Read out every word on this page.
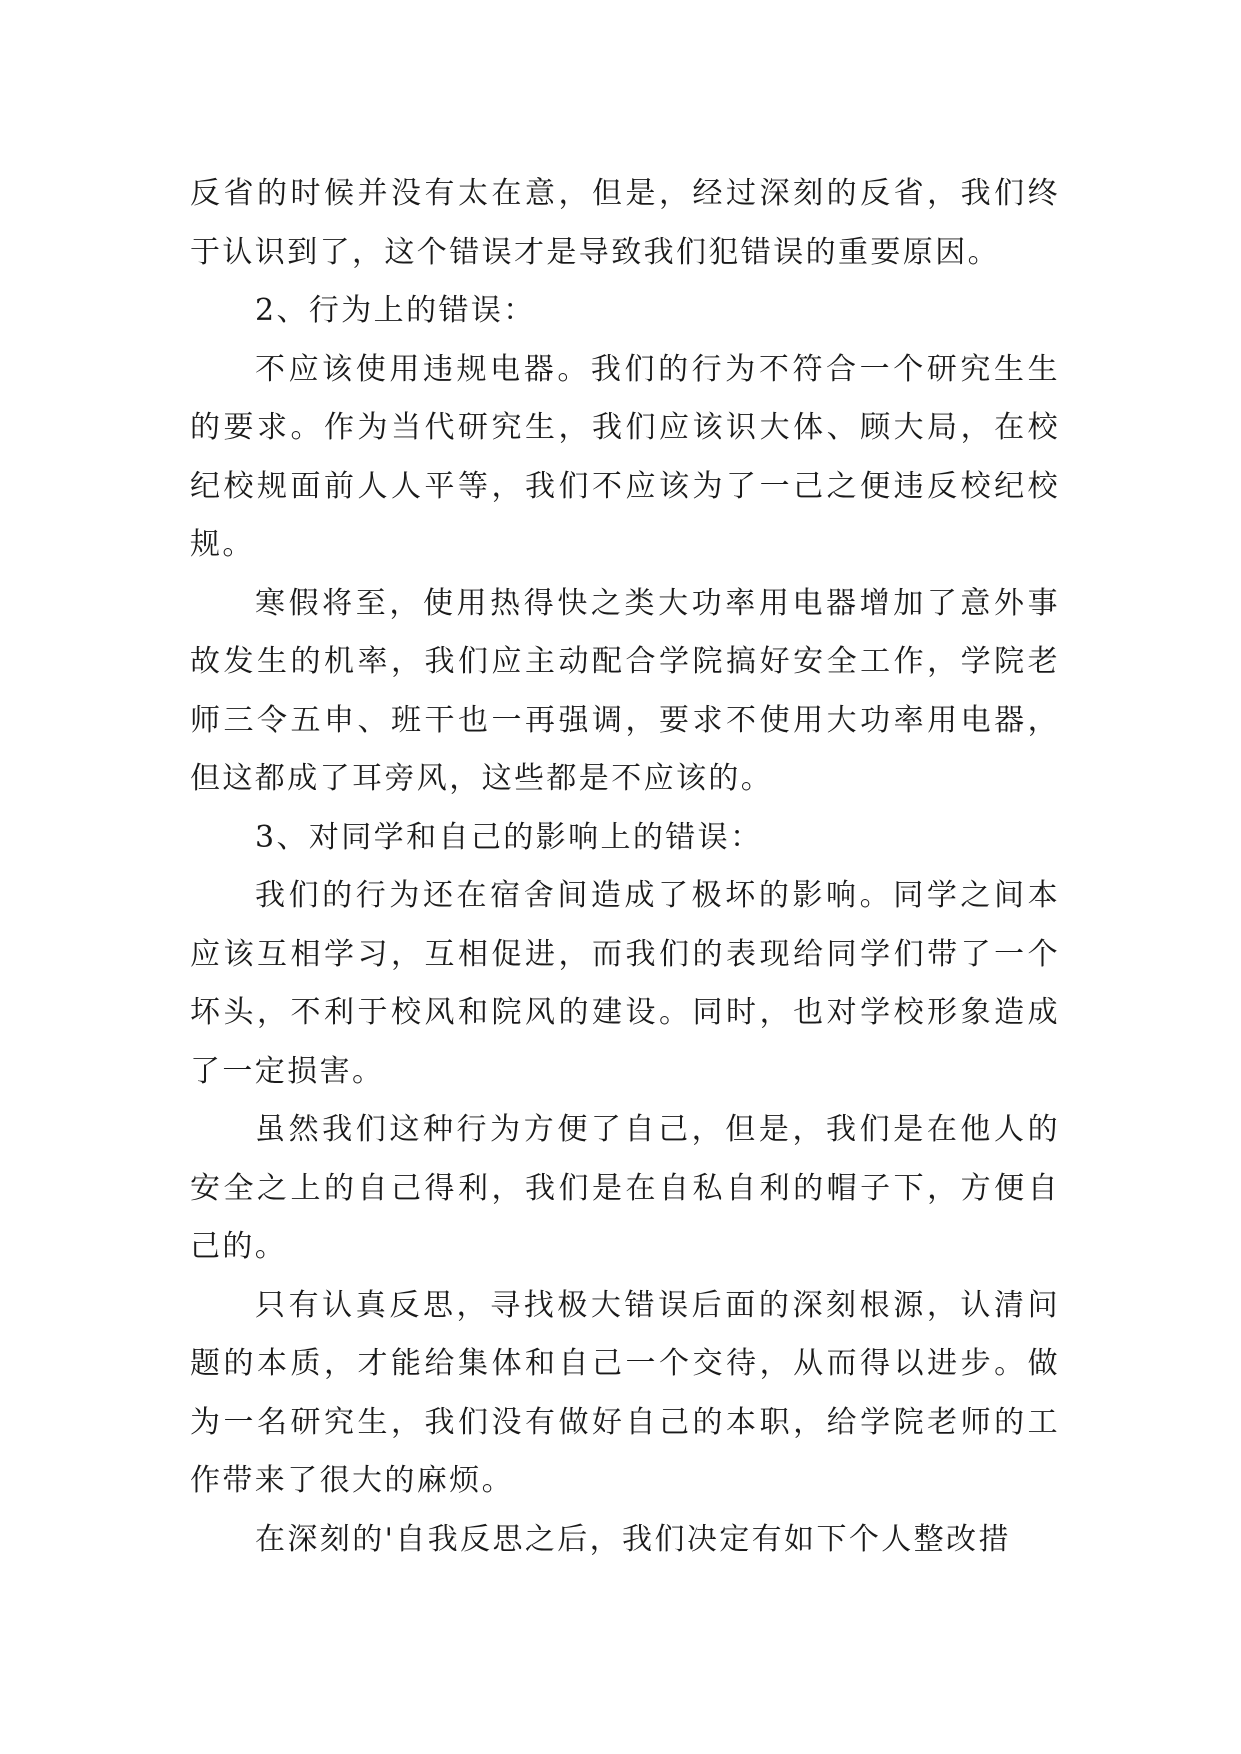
反省的时候并没有太在意，但是，经过深刻的反省，我们终于认识到了，这个错误才是导致我们犯错误的重要原因。

2、行为上的错误：

不应该使用违规电器。我们的行为不符合一个研究生生的要求。作为当代研究生，我们应该识大体、顾大局，在校纪校规面前人人平等，我们不应该为了一己之便违反校纪校规。

寒假将至，使用热得快之类大功率用电器增加了意外事故发生的机率，我们应主动配合学院搞好安全工作，学院老师三令五申、班干也一再强调，要求不使用大功率用电器，但这都成了耳旁风，这些都是不应该的。

3、对同学和自己的影响上的错误：

我们的行为还在宿舍间造成了极坏的影响。同学之间本应该互相学习，互相促进，而我们的表现给同学们带了一个坏头，不利于校风和院风的建设。同时，也对学校形象造成了一定损害。

虽然我们这种行为方便了自己，但是，我们是在他人的安全之上的自己得利，我们是在自私自利的帽子下，方便自己的。

只有认真反思，寻找极大错误后面的深刻根源，认清问题的本质，才能给集体和自己一个交待，从而得以进步。做为一名研究生，我们没有做好自己的本职，给学院老师的工作带来了很大的麻烦。

在深刻的'自我反思之后，我们决定有如下个人整改措
